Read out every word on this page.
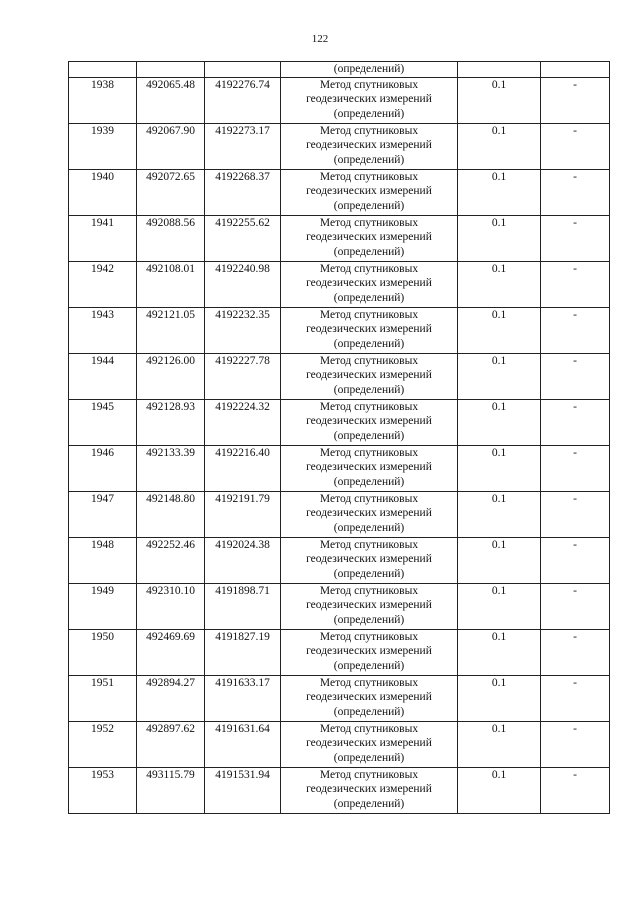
122
			(определений)		
1938	492065.48	4192276.74	Метод спутниковых
геодезических измерений
(определений)	0.1	-
1939	492067.90	4192273.17	Метод спутниковых
геодезических измерений
(определений)	0.1	-
1940	492072.65	4192268.37	Метод спутниковых
геодезических измерений
(определений)	0.1	-
1941	492088.56	4192255.62	Метод спутниковых
геодезических измерений
(определений)	0.1	-
1942	492108.01	4192240.98	Метод спутниковых
геодезических измерений
(определений)	0.1	-
1943	492121.05	4192232.35	Метод спутниковых
геодезических измерений
(определений)	0.1	-
1944	492126.00	4192227.78	Метод спутниковых
геодезических измерений
(определений)	0.1	-
1945	492128.93	4192224.32	Метод спутниковых
геодезических измерений
(определений)	0.1	-
1946	492133.39	4192216.40	Метод спутниковых
геодезических измерений
(определений)	0.1	-
1947	492148.80	4192191.79	Метод спутниковых
геодезических измерений
(определений)	0.1	-
1948	492252.46	4192024.38	Метод спутниковых
геодезических измерений
(определений)	0.1	-
1949	492310.10	4191898.71	Метод спутниковых
геодезических измерений
(определений)	0.1	-
1950	492469.69	4191827.19	Метод спутниковых
геодезических измерений
(определений)	0.1	-
1951	492894.27	4191633.17	Метод спутниковых
геодезических измерений
(определений)	0.1	-
1952	492897.62	4191631.64	Метод спутниковых
геодезических измерений
(определений)	0.1	-
1953	493115.79	4191531.94	Метод спутниковых
геодезических измерений
(определений)	0.1	-
